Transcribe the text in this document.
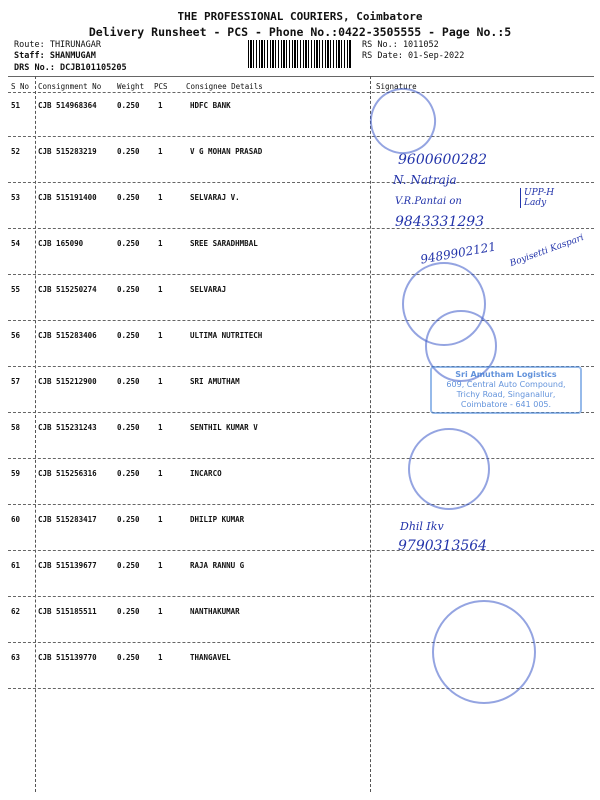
THE PROFESSIONAL COURIERS, Coimbatore
Delivery Runsheet - PCS - Phone No.:0422-3505555 - Page No.:5
Route: THIRUNAGAR
Staff: SHANMUGAM
DRS No.: DCJB101105205
RS No.: 1011052
RS Date: 01-Sep-2022
S No Consignment No Weight PCS Consignee Details	Signature
51 CJB 514968364	0.250 1	HDFC BANK
52 CJB 515283219	0.250 1	V G MOHAN PRASAD
53 CJB 515191400	0.250 1	SELVARAJ V.
54 CJB 165090	0.250 1	SREE SARADHMBAL
55 CJB 515250274	0.250 1	SELVARAJ
56 CJB 515283406	0.250 1	ULTIMA NUTRITECH
57 CJB 515212900	0.250 1	SRI AMUTHAM
58 CJB 515231243	0.250 1	SENTHIL KUMAR V
59 CJB 515256316	0.250 1	INCARCO
60 CJB 515283417	0.250 1	DHILIP KUMAR
61 CJB 515139677	0.250 1	RAJA RANNU G
62 CJB 515185511	0.250 1	NANTHAKUMAR
63 CJB 515139770	0.250 1	THANGAVEL
9600600282
N. Natraja
V.R.Pantai on
9843331293
UPP-H Lady
9489902121 Boyisetti Kaspari
9790313564
Dhil Ikv
Sri Amutham Logistics
609, Central Auto Compound, Trichy Road, Singanallur, Coimbatore - 641 005.
